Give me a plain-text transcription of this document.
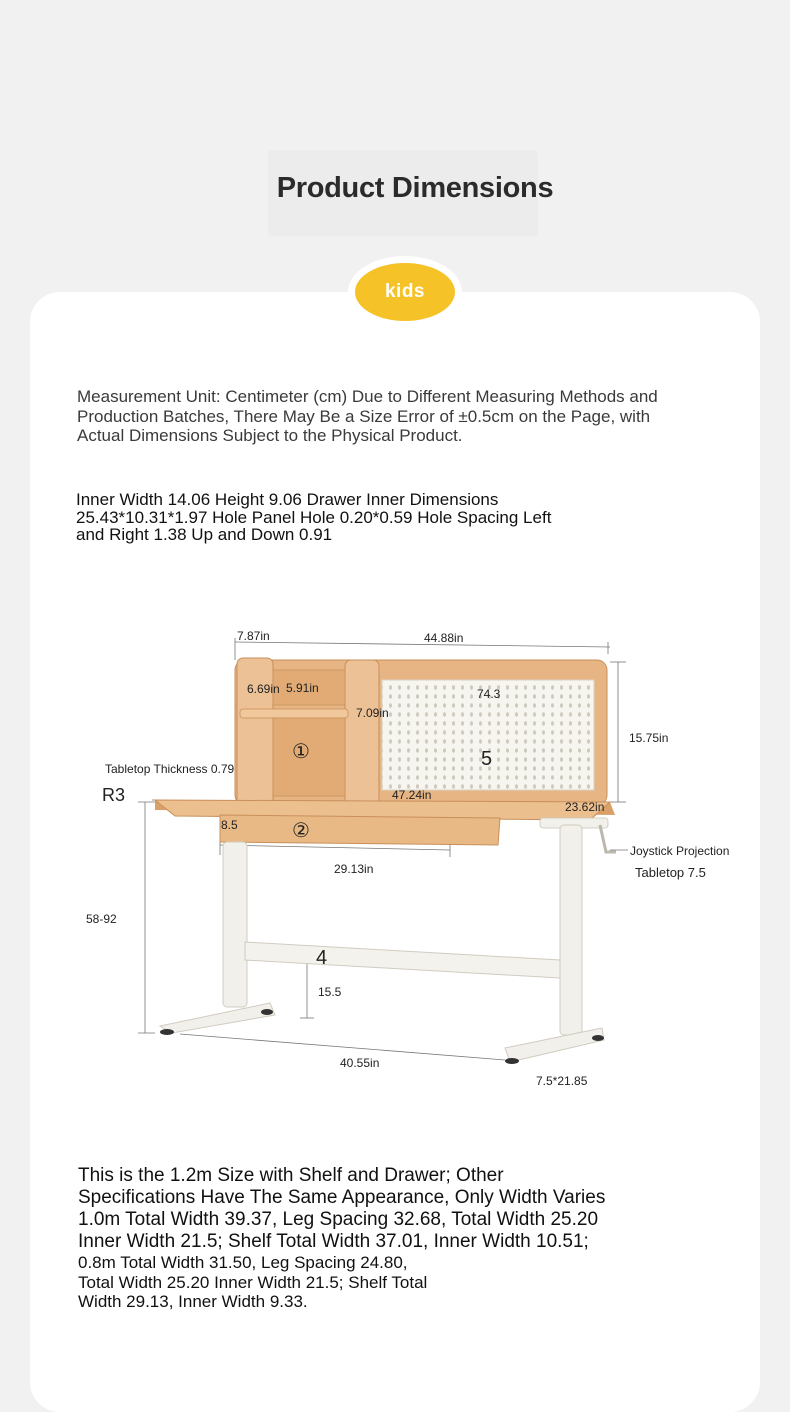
Product Dimensions
kids
Measurement Unit: Centimeter (cm) Due to Different Measuring Methods and Production Batches, There May Be a Size Error of ±0.5cm on the Page, with Actual Dimensions Subject to the Physical Product.
Inner Width 14.06 Height 9.06 Drawer Inner Dimensions 25.43*10.31*1.97 Hole Panel Hole 0.20*0.59 Hole Spacing Left and Right 1.38 Up and Down 0.91
7.87in	44.88in
6.69in 5.91in
7.09in
74.3
15.75in
Tabletop Thickness 0.79
R3	47.24in
23.62in
8.5
29.13in
Joystick Projection
Tabletop 7.5
58-92
15.5
40.55in
7.5*21.85
①
②
4
5
This is the 1.2m Size with Shelf and Drawer; Other
Specifications Have The Same Appearance, Only Width Varies
1.0m Total Width 39.37, Leg Spacing 32.68, Total Width 25.20
Inner Width 21.5; Shelf Total Width 37.01, Inner Width 10.51;
0.8m Total Width 31.50, Leg Spacing 24.80,
Total Width 25.20 Inner Width 21.5; Shelf Total
Width 29.13, Inner Width 9.33.
